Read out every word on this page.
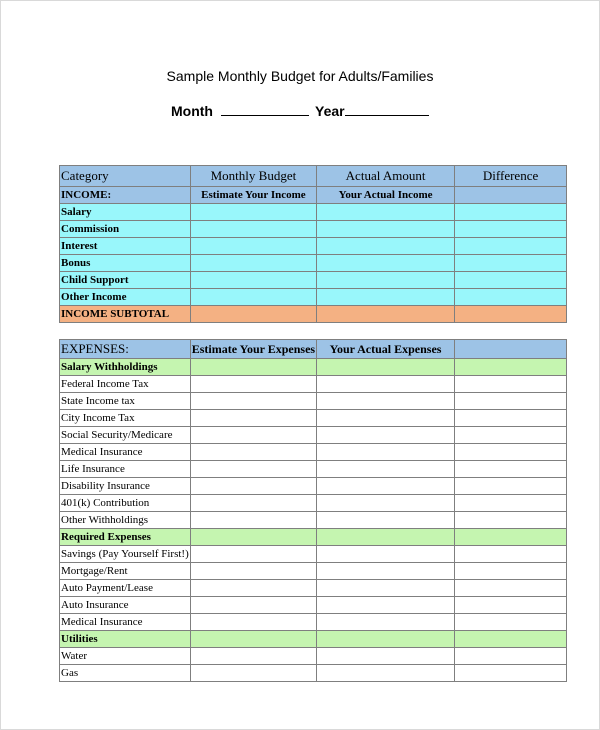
Sample Monthly Budget for Adults/Families
Month	Year
Category	Monthly Budget	Actual Amount	Difference
INCOME:	Estimate Your Income	Your Actual Income	
Salary			
Commission			
Interest			
Bonus			
Child Support			
Other Income			
INCOME SUBTOTAL			

EXPENSES:	Estimate Your Expenses	Your Actual Expenses	
Salary Withholdings			
Federal Income Tax			
State Income tax			
City Income Tax			
Social Security/Medicare			
Medical Insurance			
Life Insurance			
Disability Insurance			
401(k) Contribution			
Other Withholdings			
Required Expenses			
Savings (Pay Yourself First!)			
Mortgage/Rent			
Auto Payment/Lease			
Auto Insurance			
Medical Insurance			
Utilities			
Water			
Gas			
